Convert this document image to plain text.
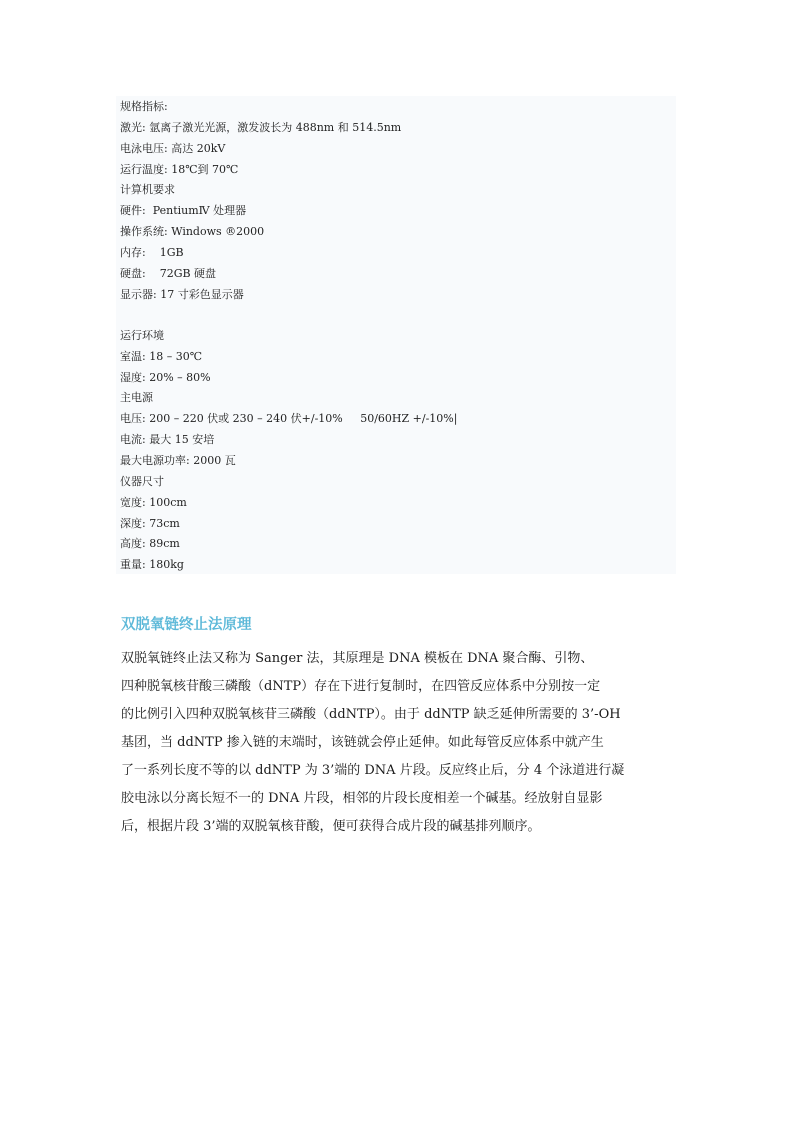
规格指标:
激光: 氩离子激光光源，激发波长为 488nm 和 514.5nm
电泳电压: 高达 20kV
运行温度: 18℃到 70℃
计算机要求
硬件:  PentiumⅣ 处理器
操作系统: Windows ®2000
内存:    1GB
硬盘:    72GB 硬盘
显示器: 17 寸彩色显示器
运行环境
室温: 18 – 30℃
湿度: 20% – 80%
主电源
电压: 200 – 220 伏或 230 – 240 伏+/-10%     50/60HZ +/-10%|
电流: 最大 15 安培
最大电源功率: 2000 瓦
仪器尺寸
宽度: 100cm
深度: 73cm
高度: 89cm
重量: 180kg
双脱氧链终止法原理
双脱氧链终止法又称为 Sanger 法，其原理是 DNA 模板在 DNA 聚合酶、引物、
四种脱氧核苷酸三磷酸（dNTP）存在下进行复制时，在四管反应体系中分别按一定
的比例引入四种双脱氧核苷三磷酸（ddNTP）。由于 ddNTP 缺乏延伸所需要的 3’-OH
基团，当 ddNTP 掺入链的末端时，该链就会停止延伸。如此每管反应体系中就产生
了一系列长度不等的以 ddNTP 为 3’端的 DNA 片段。反应终止后，分 4 个泳道进行凝
胶电泳以分离长短不一的 DNA 片段，相邻的片段长度相差一个碱基。经放射自显影
后，根据片段 3’端的双脱氧核苷酸，便可获得合成片段的碱基排列顺序。
